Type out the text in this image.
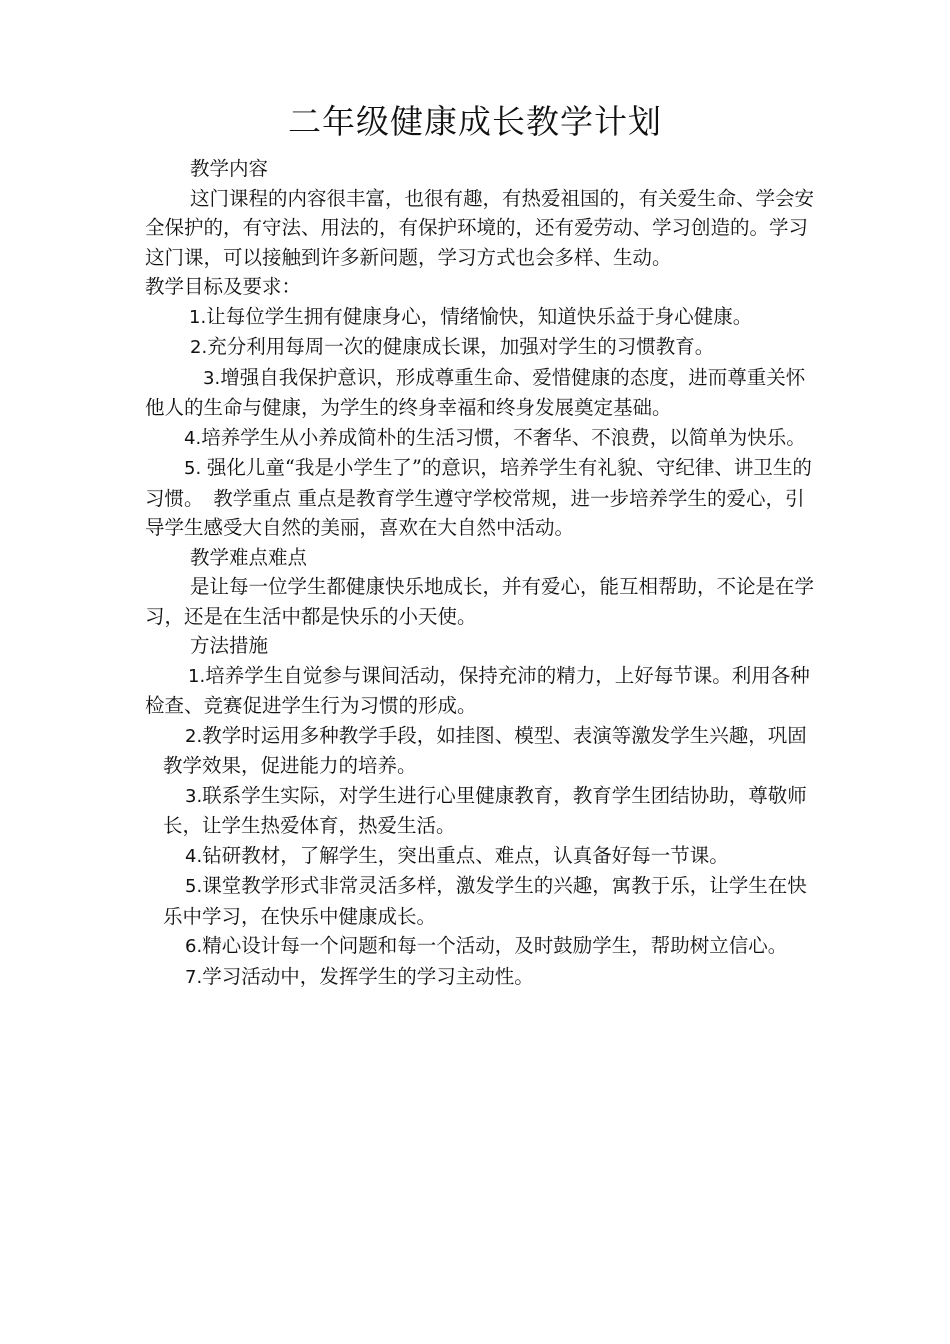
二年级健康成长教学计划

教学内容

这门课程的内容很丰富，也很有趣，有热爱祖国的，有关爱生命、学会安全保护的，有守法、用法的，有保护环境的，还有爱劳动、学习创造的。学习这门课，可以接触到许多新问题，学习方式也会多样、生动。

教学目标及要求：

1.让每位学生拥有健康身心，情绪愉快，知道快乐益于身心健康。

2.充分利用每周一次的健康成长课，加强对学生的习惯教育。

3.增强自我保护意识，形成尊重生命、爱惜健康的态度，进而尊重关怀他人的生命与健康，为学生的终身幸福和终身发展奠定基础。

4.培养学生从小养成简朴的生活习惯，不奢华、不浪费，以简单为快乐。

5. 强化儿童“我是小学生了”的意识，培养学生有礼貌、守纪律、讲卫生的习惯。　教学重点 重点是教育学生遵守学校常规，进一步培养学生的爱心，引导学生感受大自然的美丽，喜欢在大自然中活动。

教学难点难点

是让每一位学生都健康快乐地成长，并有爱心，能互相帮助，不论是在学习，还是在生活中都是快乐的小天使。

方法措施

1.培养学生自觉参与课间活动，保持充沛的精力，上好每节课。利用各种检查、竞赛促进学生行为习惯的形成。

2.教学时运用多种教学手段，如挂图、模型、表演等激发学生兴趣，巩固教学效果，促进能力的培养。

3.联系学生实际，对学生进行心里健康教育，教育学生团结协助，尊敬师长，让学生热爱体育，热爱生活。

4.钻研教材，了解学生，突出重点、难点，认真备好每一节课。

5.课堂教学形式非常灵活多样，激发学生的兴趣，寓教于乐，让学生在快乐中学习，在快乐中健康成长。

6.精心设计每一个问题和每一个活动，及时鼓励学生，帮助树立信心。

7.学习活动中，发挥学生的学习主动性。
